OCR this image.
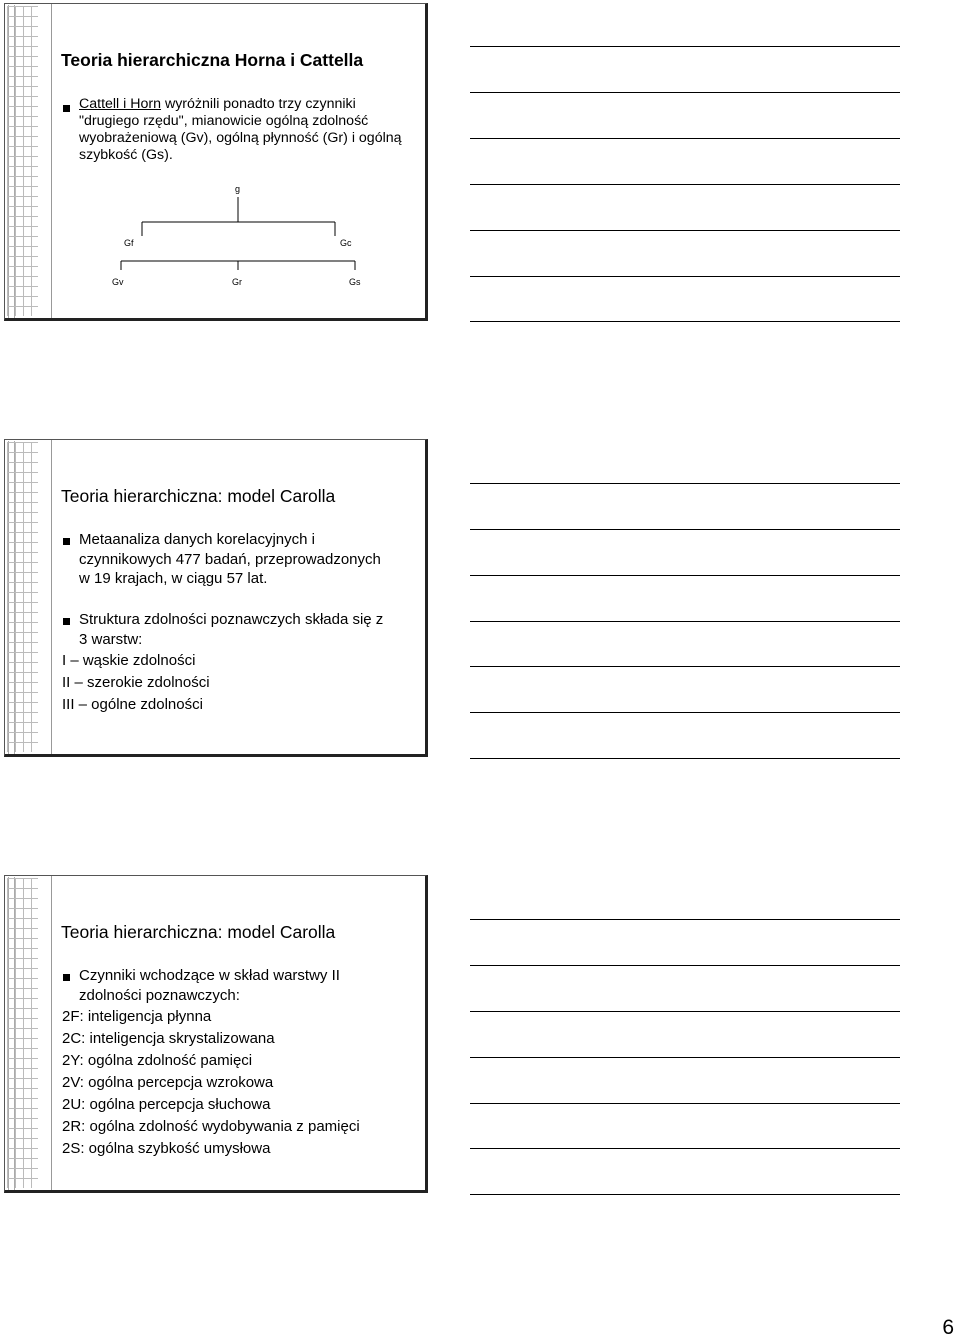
Teoria hierarchiczna Horna i Cattella
Cattell i Horn wyróżnili ponadto trzy czynniki
"drugiego rzędu", mianowicie ogólną zdolność
wyobrażeniową (Gv), ogólną płynność (Gr) i ogólną
szybkość (Gs).
g
Gf	Gc
Gv	Gr	Gs
Teoria hierarchiczna: model Carolla
Metaanaliza danych korelacyjnych i
czynnikowych 477 badań, przeprowadzonych
w 19 krajach, w ciągu 57 lat.
Struktura zdolności poznawczych składa się z
3 warstw:
I – wąskie zdolności
II – szerokie zdolności
III – ogólne zdolności
Teoria hierarchiczna: model Carolla
Czynniki wchodzące w skład warstwy II
zdolności poznawczych:
2F: inteligencja płynna
2C: inteligencja skrystalizowana
2Y: ogólna zdolność pamięci
2V: ogólna percepcja wzrokowa
2U: ogólna percepcja słuchowa
2R: ogólna zdolność wydobywania z pamięci
2S: ogólna szybkość umysłowa
6
